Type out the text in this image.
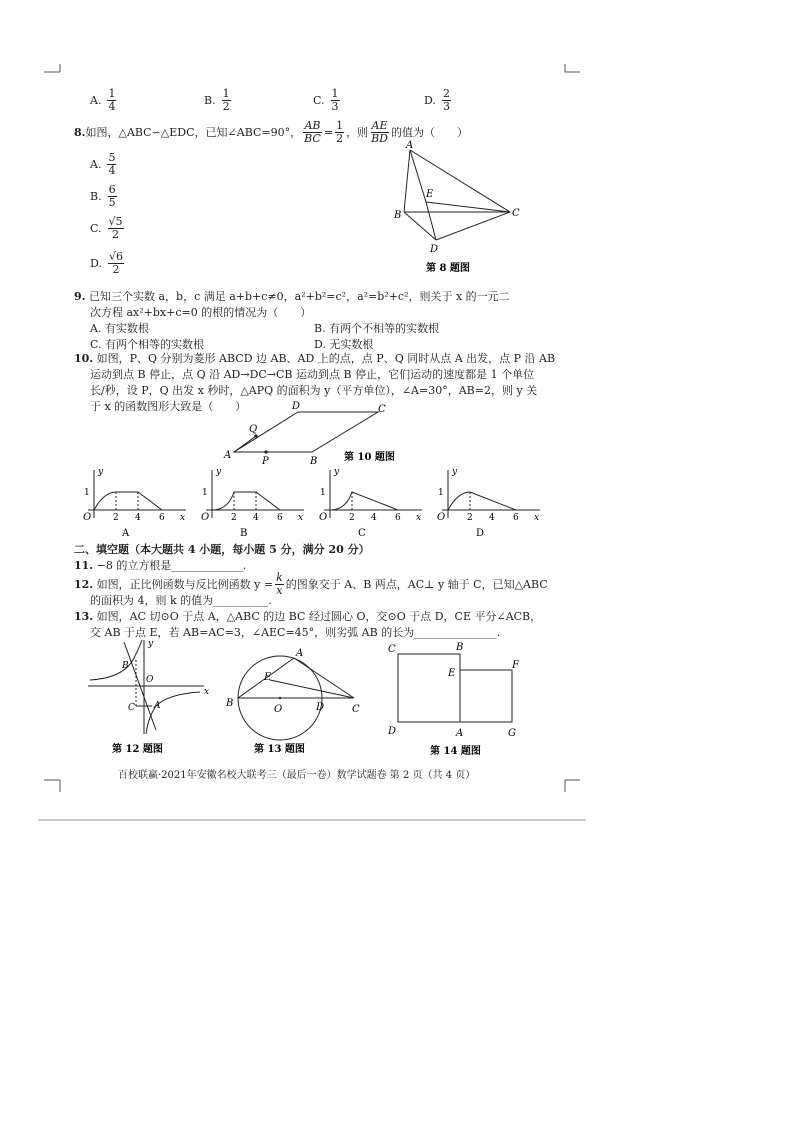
A. $\frac{1}{4}$	B. $\frac{1}{2}$	C. $\frac{1}{3}$	D. $\frac{2}{3}$
8. 如图，△ABC∽△EDC，已知∠ABC=90°， $\frac{AB}{BC} = \frac{1}{2}$ ，则 $\frac{AE}{BD}$ 的值为（　　）
A. $\frac{5}{4}$
B. $\frac{6}{5}$
C. $\frac{√5}{2}$
D. $\frac{√6}{2}$
A
B	C
D
E
第 8 题图
9. 已知三个实数 a，b，c 满足 a+b+c≠0，a²+b²=c²，a²=b²+c²，则关于 x 的一元二
次方程 ax²+bx+c=0 的根的情况为（　　）
A. 有实数根	B. 有两个不相等的实数根
C. 有两个相等的实数根	D. 无实数根
10. 如图，P、Q 分别为菱形 ABCD 边 AB、AD 上的点，点 P、Q 同时从点 A 出发，点 P 沿 AB
运动到点 B 停止，点 Q 沿 AD→DC→CB 运动到点 B 停止，它们运动的速度都是 1 个单位
长/秒，设 P，Q 出发 x 秒时，△APQ 的面积为 y（平方单位），∠A=30°，AB=2，则 y 关
于 x 的函数图形大致是（　　）
A
B
C
D
P
Q
第 10 题图
y
1
O 2 4 6 x
A
y
1
O 2 4 6 x
B
y
1
O 2 4 6 x
C
y
1
O 2 4 6 x
D
二、填空题（本大题共 4 小题，每小题 5 分，满分 20 分）
11. −8 的立方根是_____________.
12.
如图，正比例函数与反比例函数 $y = \frac{k}{x}$ 的图象交于 A、B 两点，AC⊥ y 轴于 C，已知△ABC
的面积为 4，则 k 的值为__________.
13. 如图，AC 切⊙O 于点 A，△ABC 的边 BC 经过圆心 O，交⊙O 于点 D，CE 平分∠ACB，
交 AB 于点 E，若 AB=AC=3，∠AEC=45°，则劣弧 AB 的长为_______________.
y
x
B
O
C A
第 12 题图
A
B
C
D
E
O
第 13 题图
C	B
F
E
D	A	G
第 14 题图
百校联赢·2021年安徽名校大联考三（最后一卷）数学试题卷 第 2 页（共 4 页）
